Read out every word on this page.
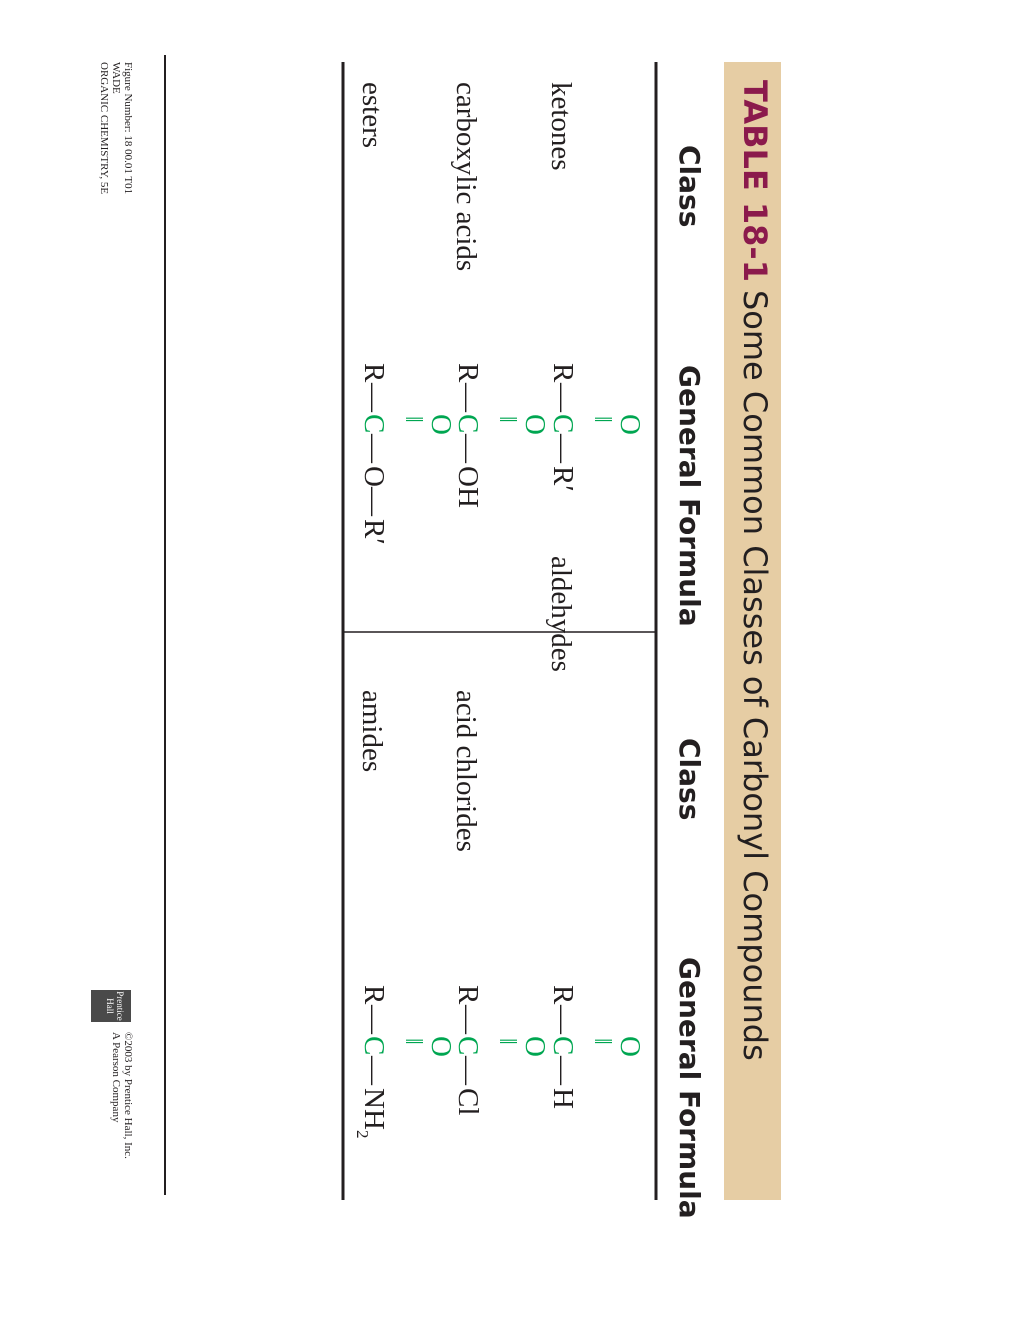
TABLE 18-1Some Common Classes of Carbonyl Compounds
Class
General Formula
Class
General Formula
ketones
R
—
C ‖ O
—
R′
aldehydes
R
—
C ‖ O
—
H
carboxylic acids
R
—
C ‖ O
—
OH
acid chlorides
R
—
C ‖ O
—
Cl
esters
R
—
C ‖ O
—
O
—
R′
amides
R
—
C ‖ O
—
NH
2
Figure Number: 18 00.01 T01
WADE
ORGANIC CHEMISTRY, 5E
Prentice
Hall
©2003 by Prentice Hall, Inc.
A Pearson Company
